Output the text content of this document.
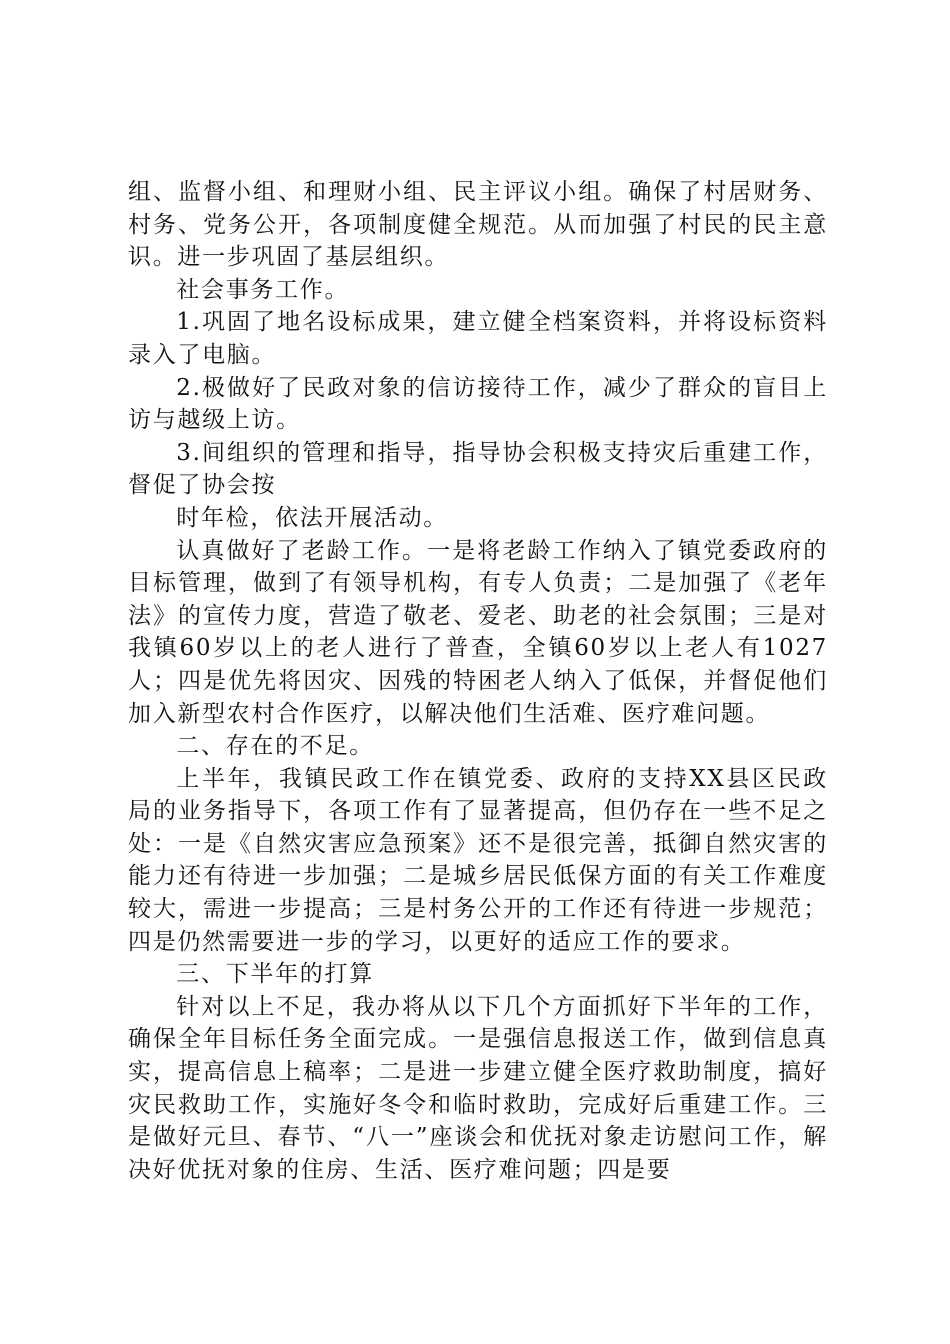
组、监督小组、和理财小组、民主评议小组。确保了村居财务、村务、党务公开，各项制度健全规范。从而加强了村民的民主意识。进一步巩固了基层组织。

社会事务工作。

1.巩固了地名设标成果，建立健全档案资料，并将设标资料录入了电脑。

2.极做好了民政对象的信访接待工作，减少了群众的盲目上访与越级上访。

3.间组织的管理和指导，指导协会积极支持灾后重建工作，督促了协会按

时年检，依法开展活动。

认真做好了老龄工作。一是将老龄工作纳入了镇党委政府的目标管理，做到了有领导机构，有专人负责；二是加强了《老年法》的宣传力度，营造了敬老、爱老、助老的社会氛围；三是对我镇60岁以上的老人进行了普查，全镇60岁以上老人有1027人；四是优先将因灾、因残的特困老人纳入了低保，并督促他们加入新型农村合作医疗，以解决他们生活难、医疗难问题。

二、存在的不足。

上半年，我镇民政工作在镇党委、政府的支持XX县区民政局的业务指导下，各项工作有了显著提高，但仍存在一些不足之处：一是《自然灾害应急预案》还不是很完善，抵御自然灾害的能力还有待进一步加强；二是城乡居民低保方面的有关工作难度较大，需进一步提高；三是村务公开的工作还有待进一步规范；四是仍然需要进一步的学习，以更好的适应工作的要求。

三、下半年的打算

针对以上不足，我办将从以下几个方面抓好下半年的工作，确保全年目标任务全面完成。一是强信息报送工作，做到信息真实，提高信息上稿率；二是进一步建立健全医疗救助制度，搞好灾民救助工作，实施好冬令和临时救助，完成好后重建工作。三是做好元旦、春节、“八一”座谈会和优抚对象走访慰问工作，解决好优抚对象的住房、生活、医疗难问题；四是要
